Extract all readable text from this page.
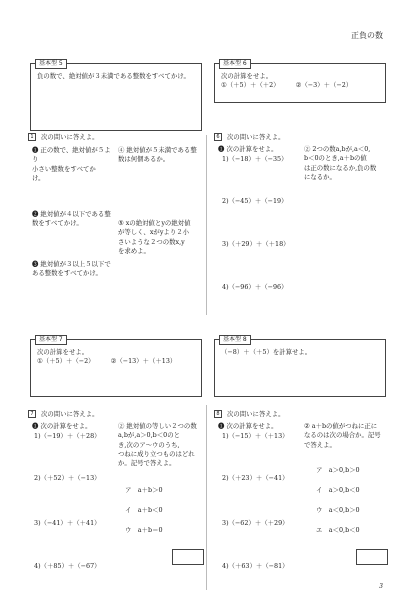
正負の数
基本型 5
負の数で、絶対値が３未満である整数をすべてかけ。
基本型 6
次の計算をせよ。
①（＋5）＋（＋2）	②（−3）＋（−2）
1 次の問いに答えよ。
❶ 正の数で、絶対値が５より
小さい整数をすべてか
け。
④ 絶対値が５未満である整
数は何個あるか。
❷ 絶対値が４以下である整
数をすべてかけ。	⑤ xの絶対値とyの絶対値
が等しく、xがyより２小
さいような２つの数x,y
を求めよ。
❸ 絶対値が３以上５以下で
ある整数をすべてかけ。
6 次の問いに答えよ。
❶ 次の計算をせよ。
1)（−18）＋（−35）
2)（−45）＋（−19）
3)（＋29）＋（＋18）
4)（−96）＋（−96）
② 2つの数a,bが,a＜0,
b＜0のとき,a＋bの値
は正の数になるか,負の数
になるか。
基本型 7
次の計算をせよ。
①（＋5）＋（−2）	②（−13）＋（＋13）
基本型 8
（−8）＋（＋5）を計算せよ。
7 次の問いに答えよ。
❶ 次の計算をせよ。
1)（−19）＋（＋28）
2)（＋52）＋（−13）
3)（−41）＋（＋41）
4)（＋85）＋（−67）
② 絶対値の等しい２つの数
a,bが,a＞0,b＜0のと
き,次のア〜ウのうち,
つねに成り立つものはどれ
か。記号で答えよ。
ア　a＋b＞0
イ　a＋b＜0
ウ　a＋b＝0
8 次の問いに答えよ。
❶ 次の計算をせよ。
1)（−15）＋（＋13）
2)（＋23）＋（−41）
3)（−62）＋（＋29）
4)（＋63）＋（−81）
② a＋bの値がつねに正に
なるのは次の場合か。記号
で答えよ。
ア　a＞0,b＞0
イ　a＞0,b＜0
ウ　a＜0,b＞0
エ　a＜0,b＜0
3
